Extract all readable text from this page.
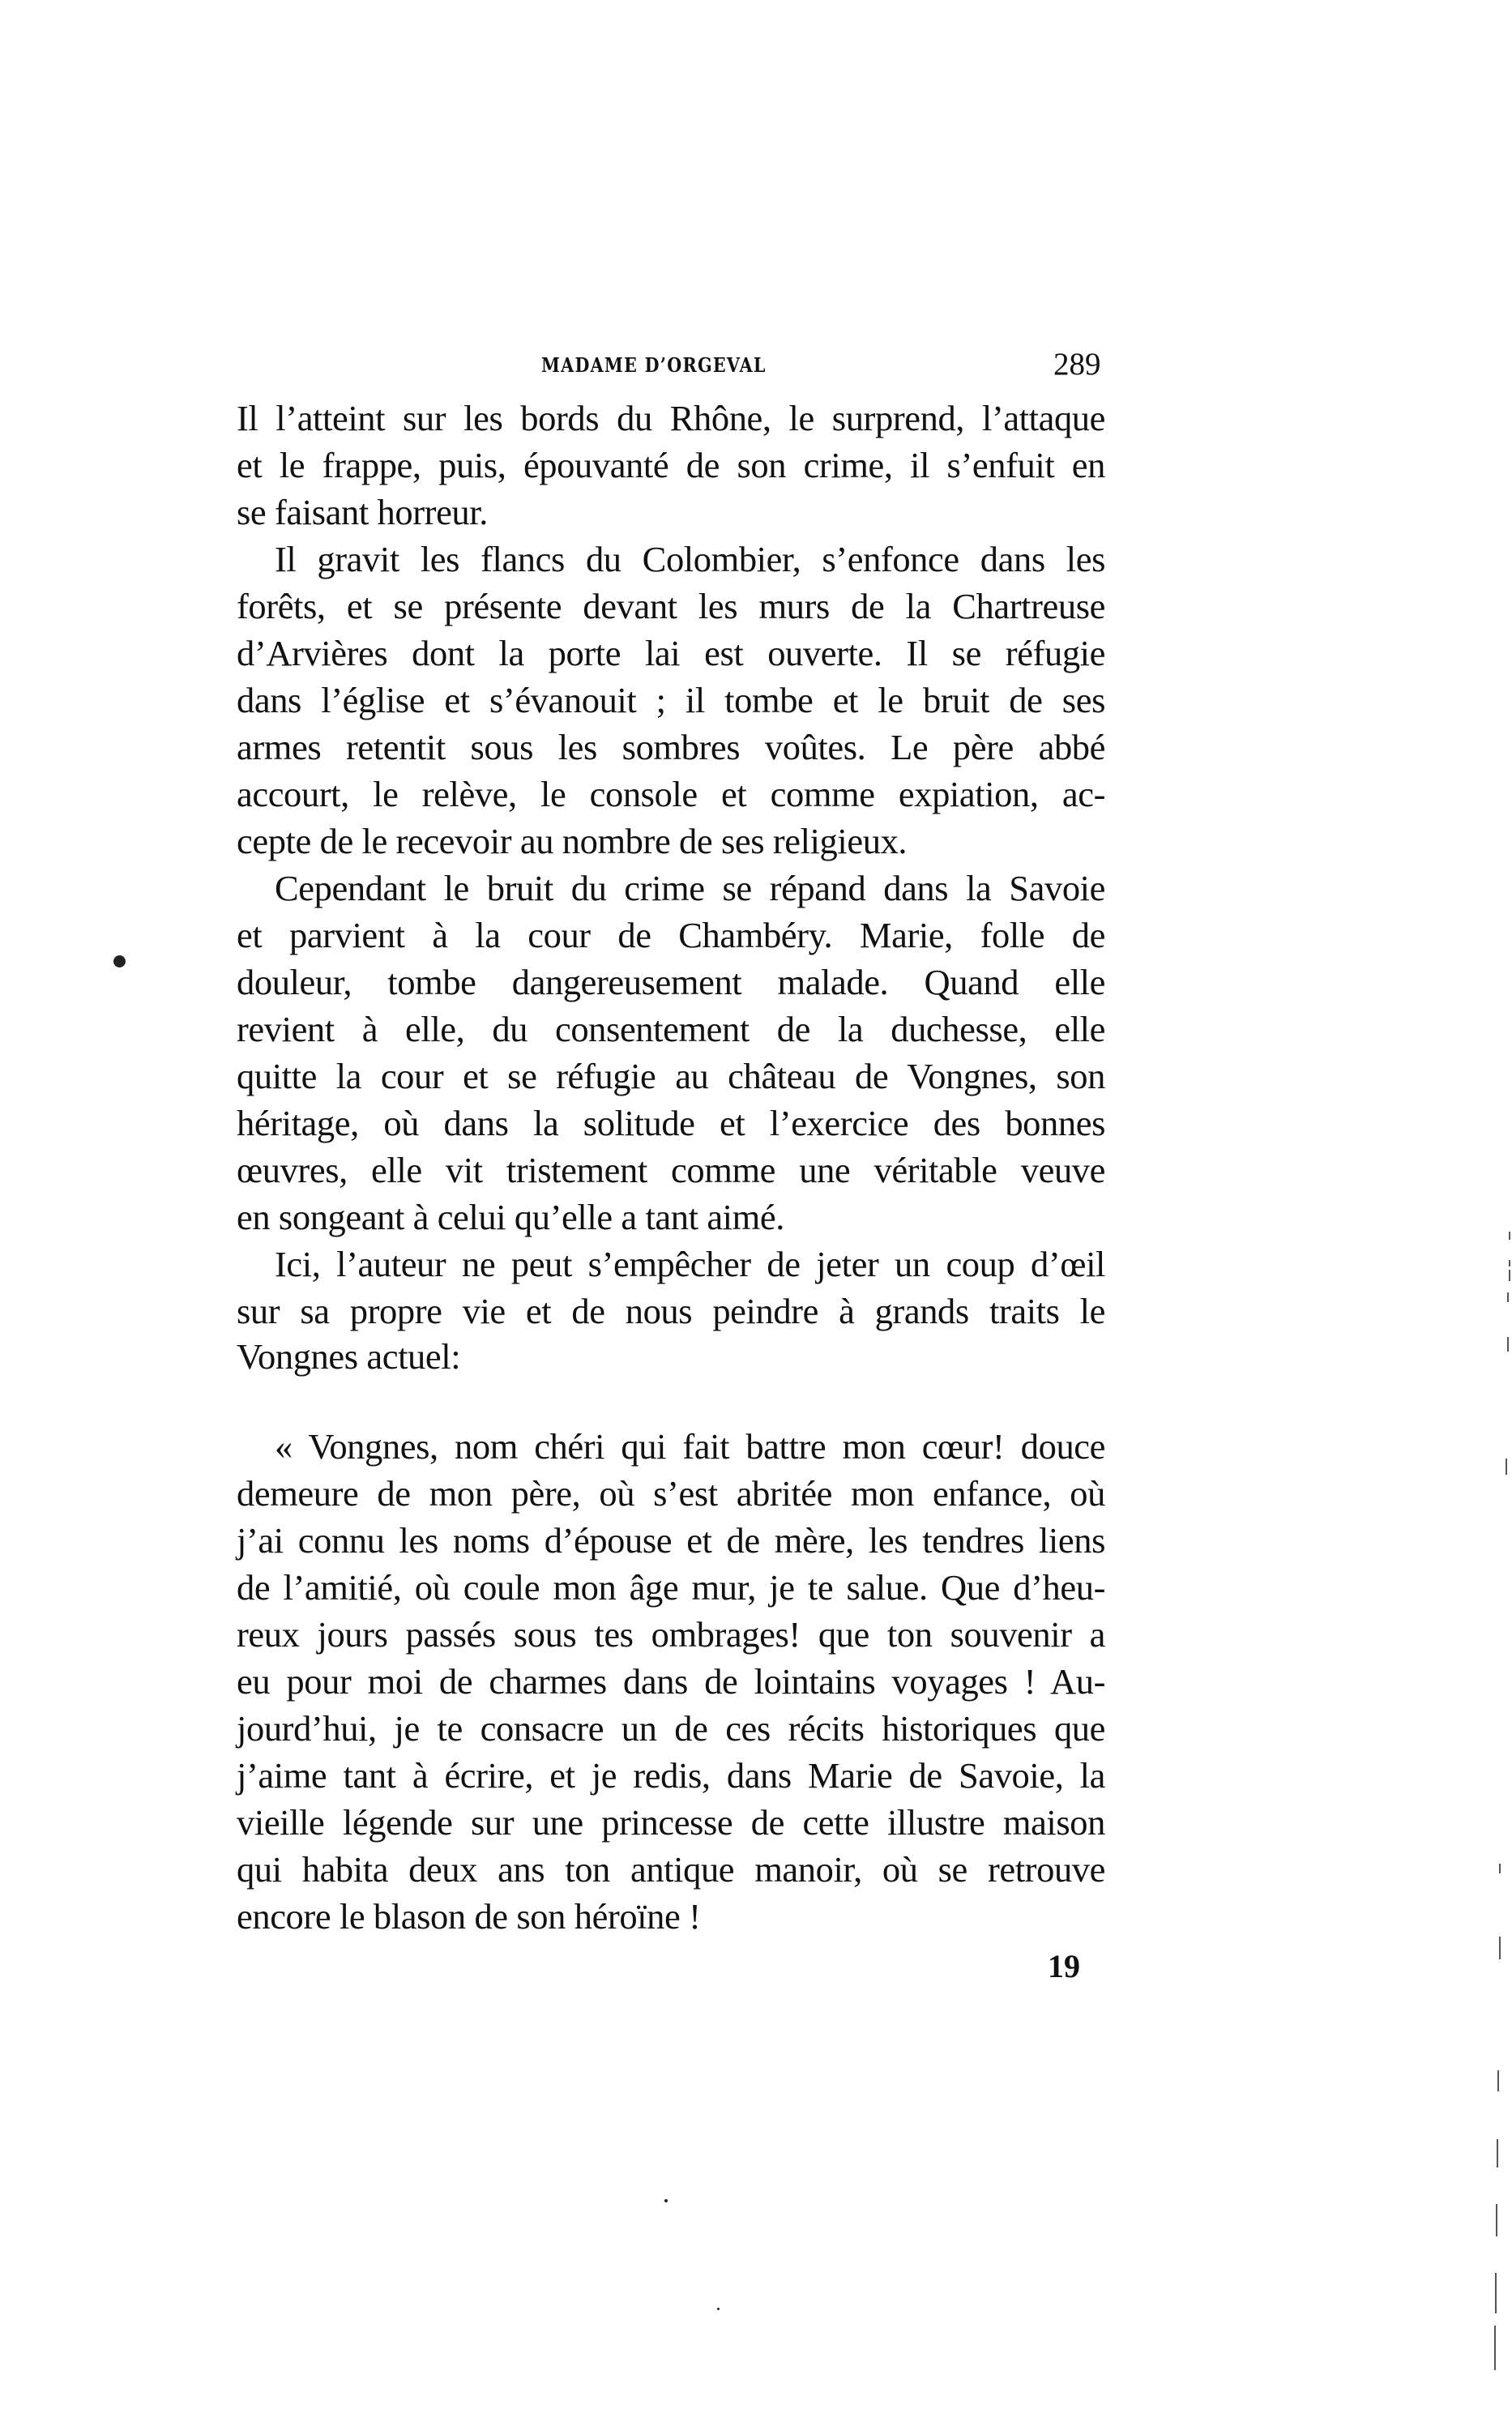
MADAME D’ORGEVAL	289
Il l’atteint sur les bords du Rhône, le surprend, l’attaque
et le frappe, puis, épouvanté de son crime, il s’enfuit en
se faisant horreur.
Il gravit les flancs du Colombier, s’enfonce dans les
forêts, et se présente devant les murs de la Chartreuse
d’Arvières dont la porte lai est ouverte. Il se réfugie
dans l’église et s’évanouit ; il tombe et le bruit de ses
armes retentit sous les sombres voûtes. Le père abbé
accourt, le relève, le console et comme expiation, ac-
cepte de le recevoir au nombre de ses religieux.
Cependant le bruit du crime se répand dans la Savoie
et parvient à la cour de Chambéry. Marie, folle de
douleur, tombe dangereusement malade. Quand elle
revient à elle, du consentement de la duchesse, elle
quitte la cour et se réfugie au château de Vongnes, son
héritage, où dans la solitude et l’exercice des bonnes
œuvres, elle vit tristement comme une véritable veuve
en songeant à celui qu’elle a tant aimé.
Ici, l’auteur ne peut s’empêcher de jeter un coup d’œil
sur sa propre vie et de nous peindre à grands traits le
Vongnes actuel:
« Vongnes, nom chéri qui fait battre mon cœur! douce
demeure de mon père, où s’est abritée mon enfance, où
j’ai connu les noms d’épouse et de mère, les tendres liens
de l’amitié, où coule mon âge mur, je te salue. Que d’heu-
reux jours passés sous tes ombrages! que ton souvenir a
eu pour moi de charmes dans de lointains voyages ! Au-
jourd’hui, je te consacre un de ces récits historiques que
j’aime tant à écrire, et je redis, dans Marie de Savoie, la
vieille légende sur une princesse de cette illustre maison
qui habita deux ans ton antique manoir, où se retrouve
encore le blason de son héroïne !
19
